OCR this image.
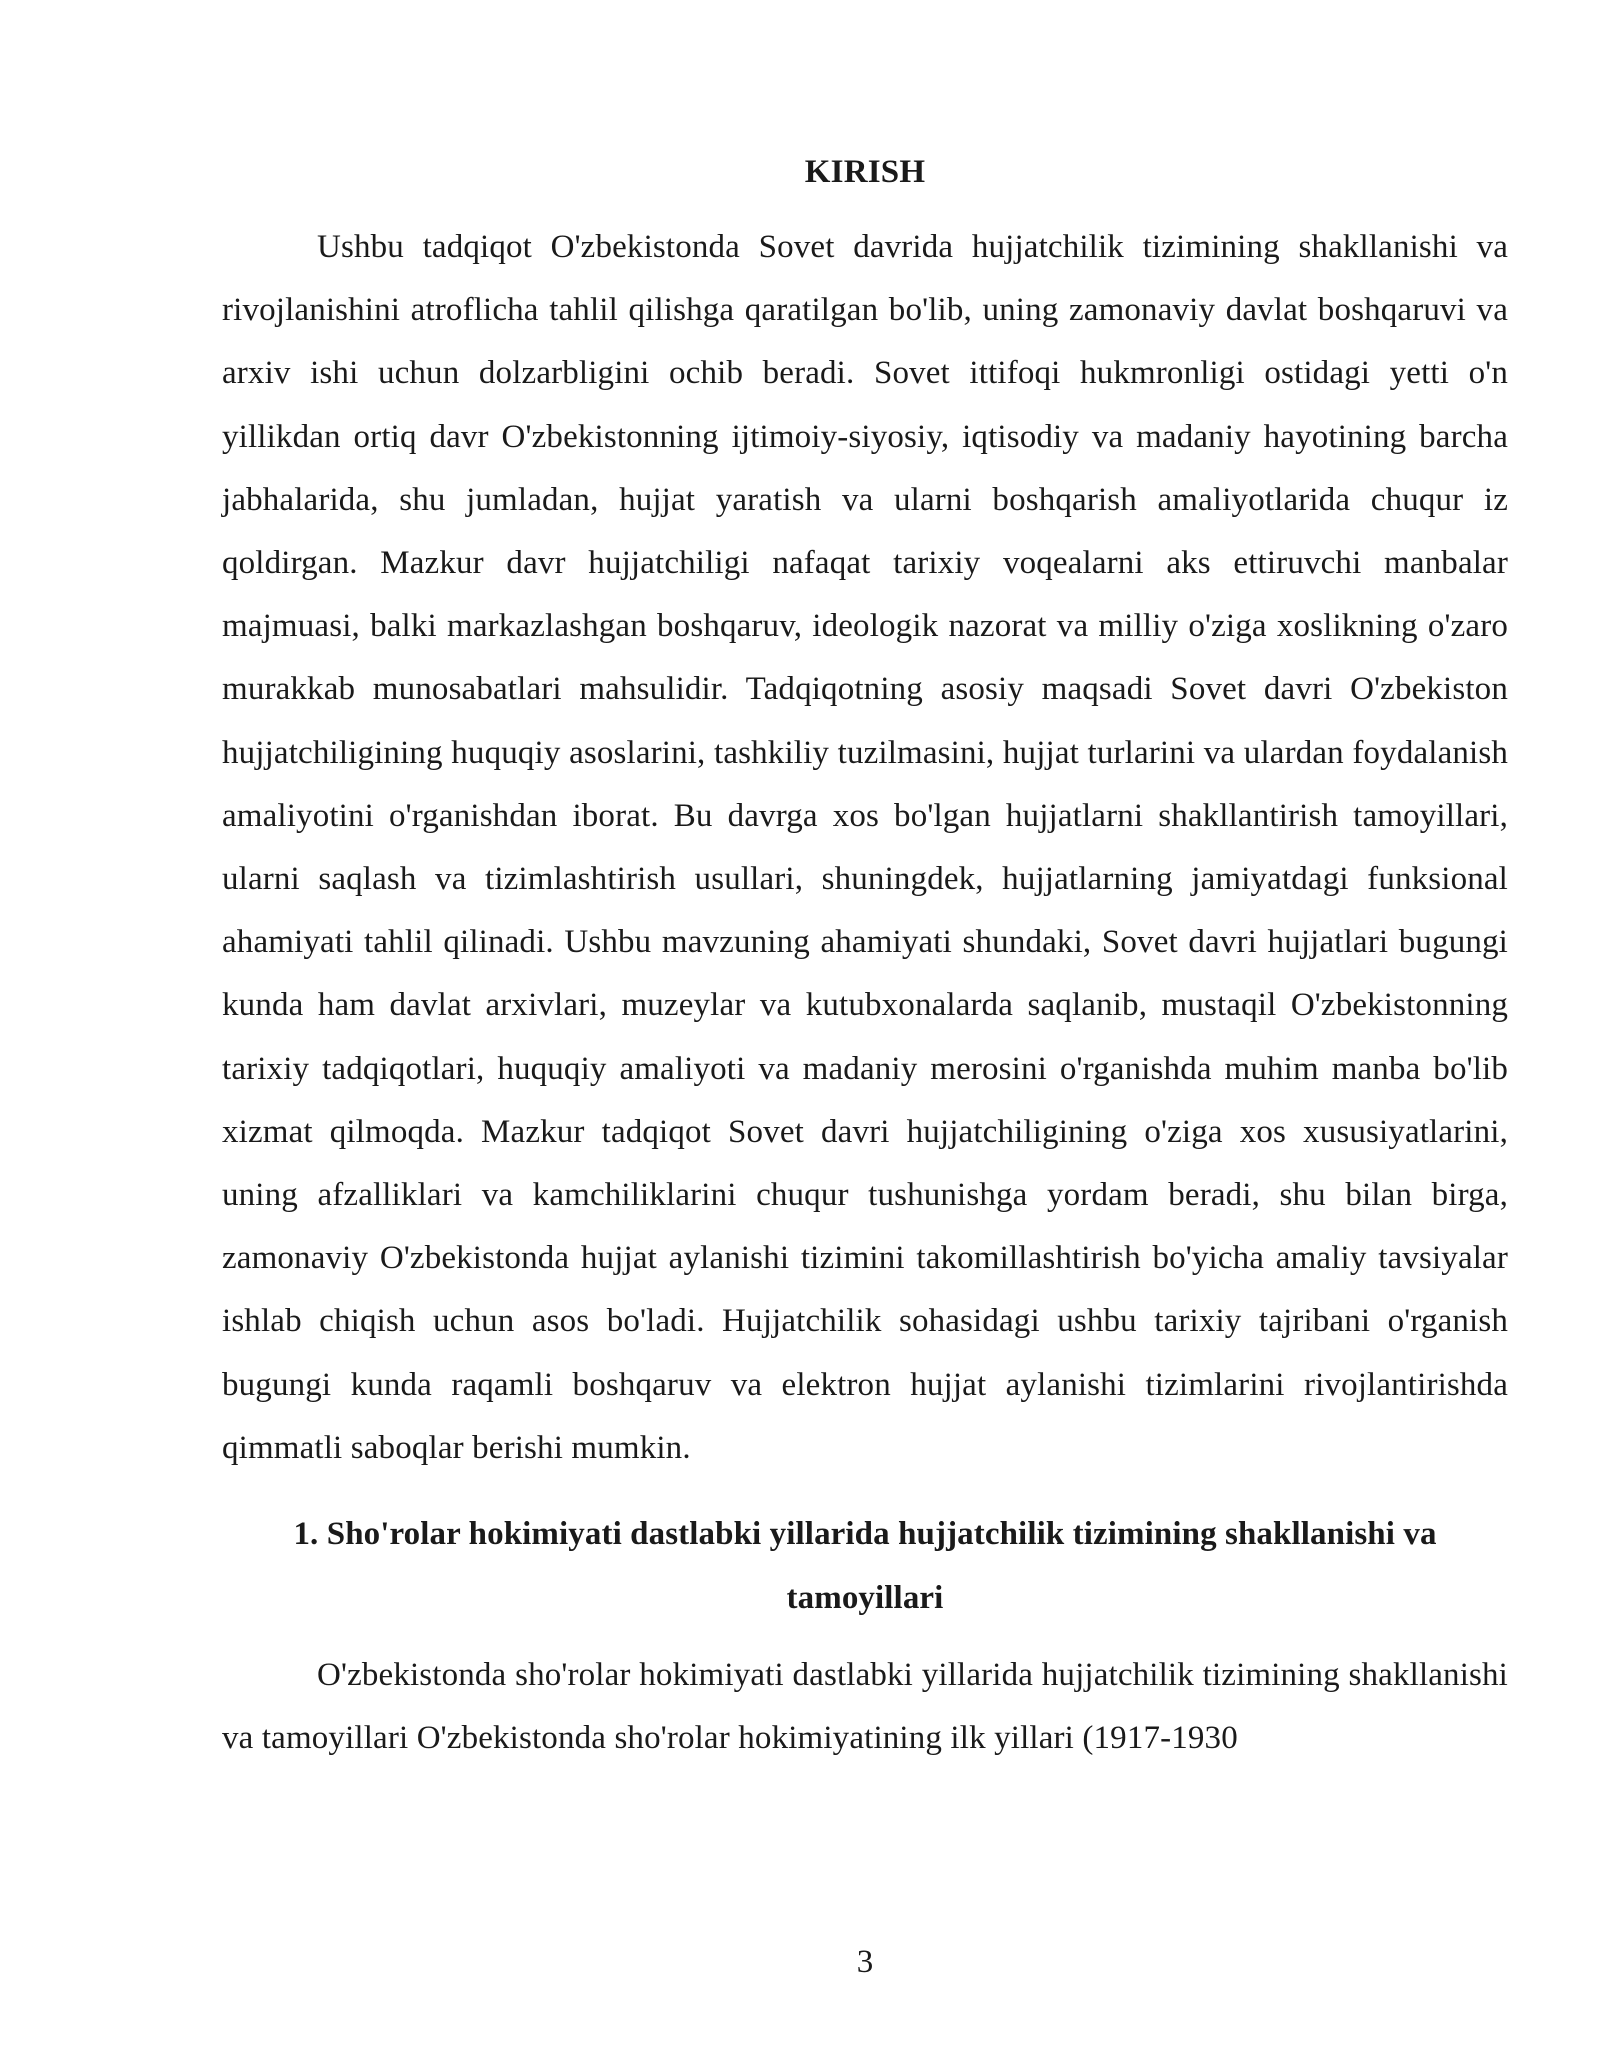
KIRISH

Ushbu tadqiqot O'zbekistonda Sovet davrida hujjatchilik tizimining shakllanishi va rivojlanishini atroflicha tahlil qilishga qaratilgan bo'lib, uning zamonaviy davlat boshqaruvi va arxiv ishi uchun dolzarbligini ochib beradi. Sovet ittifoqi hukmronligi ostidagi yetti o'n yillikdan ortiq davr O'zbekistonning ijtimoiy-siyosiy, iqtisodiy va madaniy hayotining barcha jabhalarida, shu jumladan, hujjat yaratish va ularni boshqarish amaliyotlarida chuqur iz qoldirgan. Mazkur davr hujjatchiligi nafaqat tarixiy voqealarni aks ettiruvchi manbalar majmuasi, balki markazlashgan boshqaruv, ideologik nazorat va milliy o'ziga xoslikning o'zaro murakkab munosabatlari mahsulidir. Tadqiqotning asosiy maqsadi Sovet davri O'zbekiston hujjatchiligining huquqiy asoslarini, tashkiliy tuzilmasini, hujjat turlarini va ulardan foydalanish amaliyotini o'rganishdan iborat. Bu davrga xos bo'lgan hujjatlarni shakllantirish tamoyillari, ularni saqlash va tizimlashtirish usullari, shuningdek, hujjatlarning jamiyatdagi funksional ahamiyati tahlil qilinadi. Ushbu mavzuning ahamiyati shundaki, Sovet davri hujjatlari bugungi kunda ham davlat arxivlari, muzeylar va kutubxonalarda saqlanib, mustaqil O'zbekistonning tarixiy tadqiqotlari, huquqiy amaliyoti va madaniy merosini o'rganishda muhim manba bo'lib xizmat qilmoqda. Mazkur tadqiqot Sovet davri hujjatchiligining o'ziga xos xususiyatlarini, uning afzalliklari va kamchiliklarini chuqur tushunishga yordam beradi, shu bilan birga, zamonaviy O'zbekistonda hujjat aylanishi tizimini takomillashtirish bo'yicha amaliy tavsiyalar ishlab chiqish uchun asos bo'ladi. Hujjatchilik sohasidagi ushbu tarixiy tajribani o'rganish bugungi kunda raqamli boshqaruv va elektron hujjat aylanishi tizimlarini rivojlantirishda qimmatli saboqlar berishi mumkin.

1. Sho'rolar hokimiyati dastlabki yillarida hujjatchilik tizimining shakllanishi va tamoyillari

O'zbekistonda sho'rolar hokimiyati dastlabki yillarida hujjatchilik tizimining shakllanishi va tamoyillari O'zbekistonda sho'rolar hokimiyatining ilk yillari (1917-1930

3
